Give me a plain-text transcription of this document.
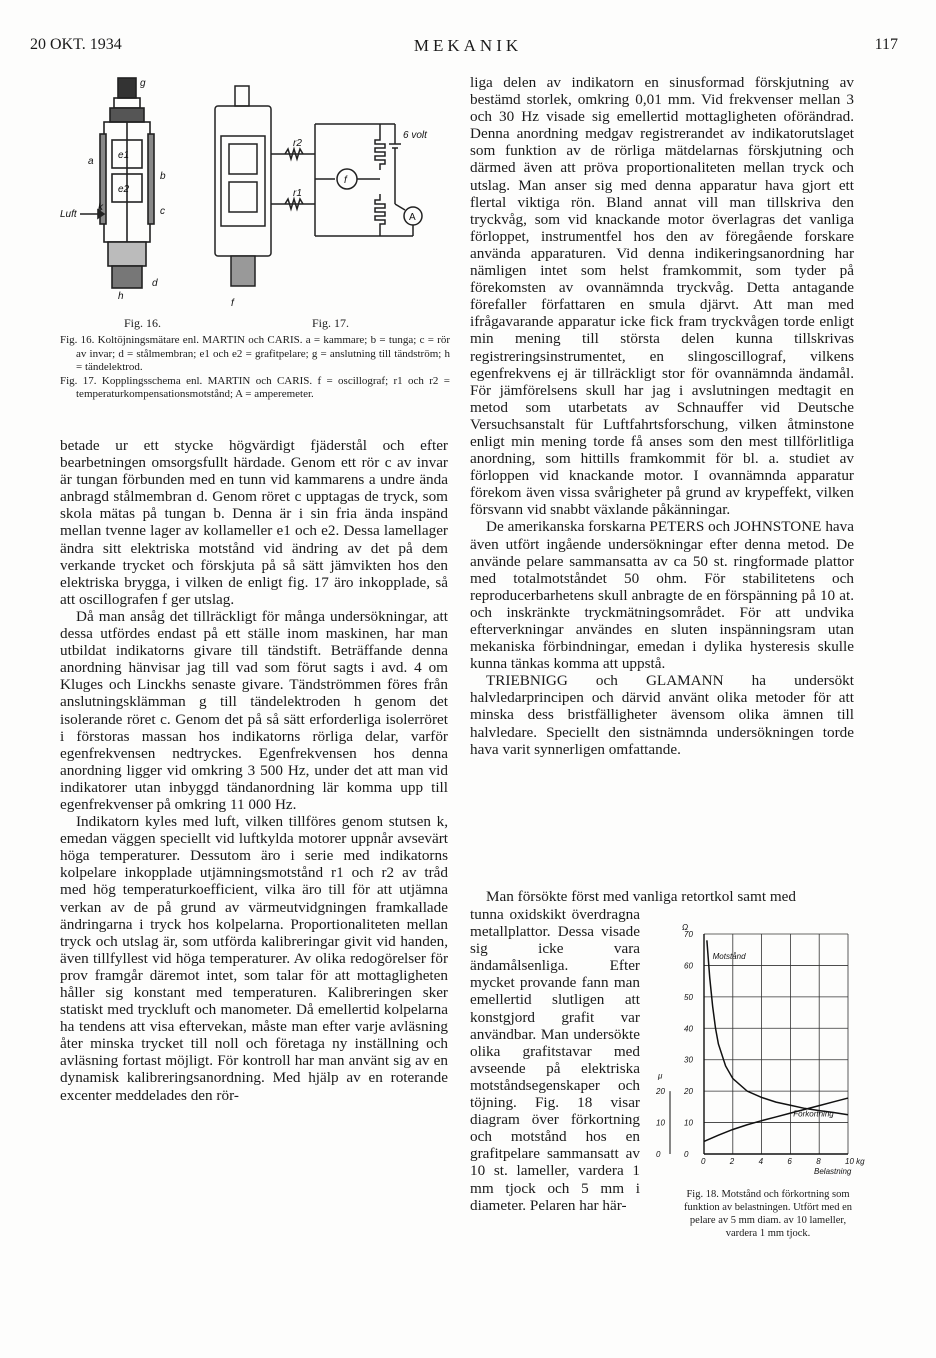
20 OKT. 1934	MEKANIK	117
g
a
b
c
d
h
k
e1
e2
Luft
r2
r1
f
6 volt
A
f
Fig. 16.	Fig. 17.

Fig. 16. Koltöjningsmätare enl. MARTIN och CARIS. a = kammare; b = tunga; c = rör av invar; d = stålmembran; e1 och e2 = grafitpelare; g = anslutning till tändström; h = tändelektrod.

Fig. 17. Kopplingsschema enl. MARTIN och CARIS. f = oscillograf; r1 och r2 = temperaturkompensationsmotstånd; A = amperemeter.

betade ur ett stycke högvärdigt fjäderstål och efter bearbetningen omsorgsfullt härdade. Genom ett rör c av invar är tungan förbunden med en tunn vid kammarens a undre ända anbragd stålmembran d. Genom röret c upptagas de tryck, som skola mätas på tungan b. Denna är i sin fria ända inspänd mellan tvenne lager av kollameller e1 och e2. Dessa lamellager ändra sitt elektriska motstånd vid ändring av det på dem verkande trycket och förskjuta på så sätt jämvikten hos den elektriska brygga, i vilken de enligt fig. 17 äro inkopplade, så att oscillografen f ger utslag.

Då man ansåg det tillräckligt för många undersökningar, att dessa utfördes endast på ett ställe inom maskinen, har man utbildat indikatorns givare till tändstift. Beträffande denna anordning hänvisar jag till vad som förut sagts i avd. 4 om Kluges och Linckhs senaste givare. Tändströmmen föres från anslutningsklämman g till tändelektroden h genom det isolerande röret c. Genom det på så sätt erforderliga isolerröret i förstoras massan hos indikatorns rörliga delar, varför egenfrekvensen nedtryckes. Egenfrekvensen hos denna anordning ligger vid omkring 3 500 Hz, under det att man vid indikatorer utan inbyggd tändanordning lär komma upp till egenfrekvenser på omkring 11 000 Hz.

Indikatorn kyles med luft, vilken tillföres genom stutsen k, emedan väggen speciellt vid luftkylda motorer uppnår avsevärt höga temperaturer. Dessutom äro i serie med indikatorns kolpelare inkopplade utjämningsmotstånd r1 och r2 av tråd med hög temperaturkoefficient, vilka äro till för att utjämna verkan av de på grund av värmeutvidgningen framkallade ändringarna i tryck hos kolpelarna. Proportionaliteten mellan tryck och utslag är, som utförda kalibreringar givit vid handen, även tillfyllest vid höga temperaturer. Av olika redogörelser för prov framgår däremot intet, som talar för att mottagligheten håller sig konstant med temperaturen. Kalibreringen sker statiskt med tryckluft och manometer. Då emellertid kolpelarna ha tendens att visa eftervekan, måste man efter varje avläsning åter minska trycket till noll och företaga ny inställning och avläsning fortast möjligt. För kontroll har man använt sig av en dynamisk kalibreringsanordning. Med hjälp av en roterande excenter meddelades den rör-

liga delen av indikatorn en sinusformad förskjutning av bestämd storlek, omkring 0,01 mm. Vid frekvenser mellan 3 och 30 Hz visade sig emellertid mottagligheten oförändrad. Denna anordning medgav registrerandet av indikatorutslaget som funktion av de rörliga mätdelarnas förskjutning och därmed även att pröva proportionaliteten mellan tryck och utslag. Man anser sig med denna apparatur hava gjort ett flertal viktiga rön. Bland annat vill man tillskriva den tryckvåg, som vid knackande motor överlagras det vanliga förloppet, instrumentfel hos den av föregående forskare använda apparaturen. Vid denna indikeringsanordning har nämligen intet som helst framkommit, som tyder på förekomsten av ovannämnda tryckvåg. Detta antagande förefaller författaren en smula djärvt. Att man med ifrågavarande apparatur icke fick fram tryckvågen torde enligt min mening till största delen kunna tillskrivas registreringsinstrumentet, en slingoscillograf, vilkens egenfrekvens ej är tillräckligt stor för ovannämnda ändamål. För jämförelsens skull har jag i avslutningen medtagit en metod som utarbetats av Schnauffer vid Deutsche Versuchsanstalt für Luftfahrtsforschung, vilken åtminstone enligt min mening torde få anses som den mest tillförlitliga anordning, som hittills framkommit för bl. a. studiet av förloppen vid knackande motor. I ovannämnda apparatur förekom även vissa svårigheter på grund av krypeffekt, vilken försvann vid snabbt växlande påkänningar.

De amerikanska forskarna PETERS och JOHNSTONE hava även utfört ingående undersökningar efter denna metod. De använde pelare sammansatta av ca 50 st. ringformade plattor med totalmotståndet 50 ohm. För stabilitetens och reproducerbarhetens skull anbragte de en förspänning på 10 at. och inskränkte tryckmätningsområdet. För att undvika efterverkningar användes en sluten inspänningsram utan mekaniska förbindningar, emedan i dylika hysteresis skulle kunna tänkas komma att uppstå.

TRIEBNIGG och GLAMANN ha undersökt halvledarprincipen och därvid använt olika metoder för att minska dess bristfälligheter ävensom olika ämnen till halvledare. Speciellt den sistnämnda undersökningen torde hava varit synnerligen omfattande.

Man försökte först med vanliga retortkol samt med

tunna oxidskikt överdragna metallplattor. Dessa visade sig icke vara ändamålsenliga. Efter mycket provande fann man emellertid slutligen att konstgjord grafit var användbar. Man undersökte olika grafitstavar med avseende på elektriska motståndsegenskaper och töjning. Fig. 18 visar diagram över förkortning och motstånd hos en grafitpelare sammansatt av 10 st. lameller, vardera 1 mm tjock och 5 mm i diameter. Pelaren har här-

0	2	4	6	8	10 kg
0
10
20
30
40
50
60
70
0
10
20
Ω
μ
Belastning
Motstånd
Förkortning
Fig. 18. Motstånd och förkortning som funktion av belastningen. Utfört med en pelare av 5 mm diam. av 10 lameller, vardera 1 mm tjock.
